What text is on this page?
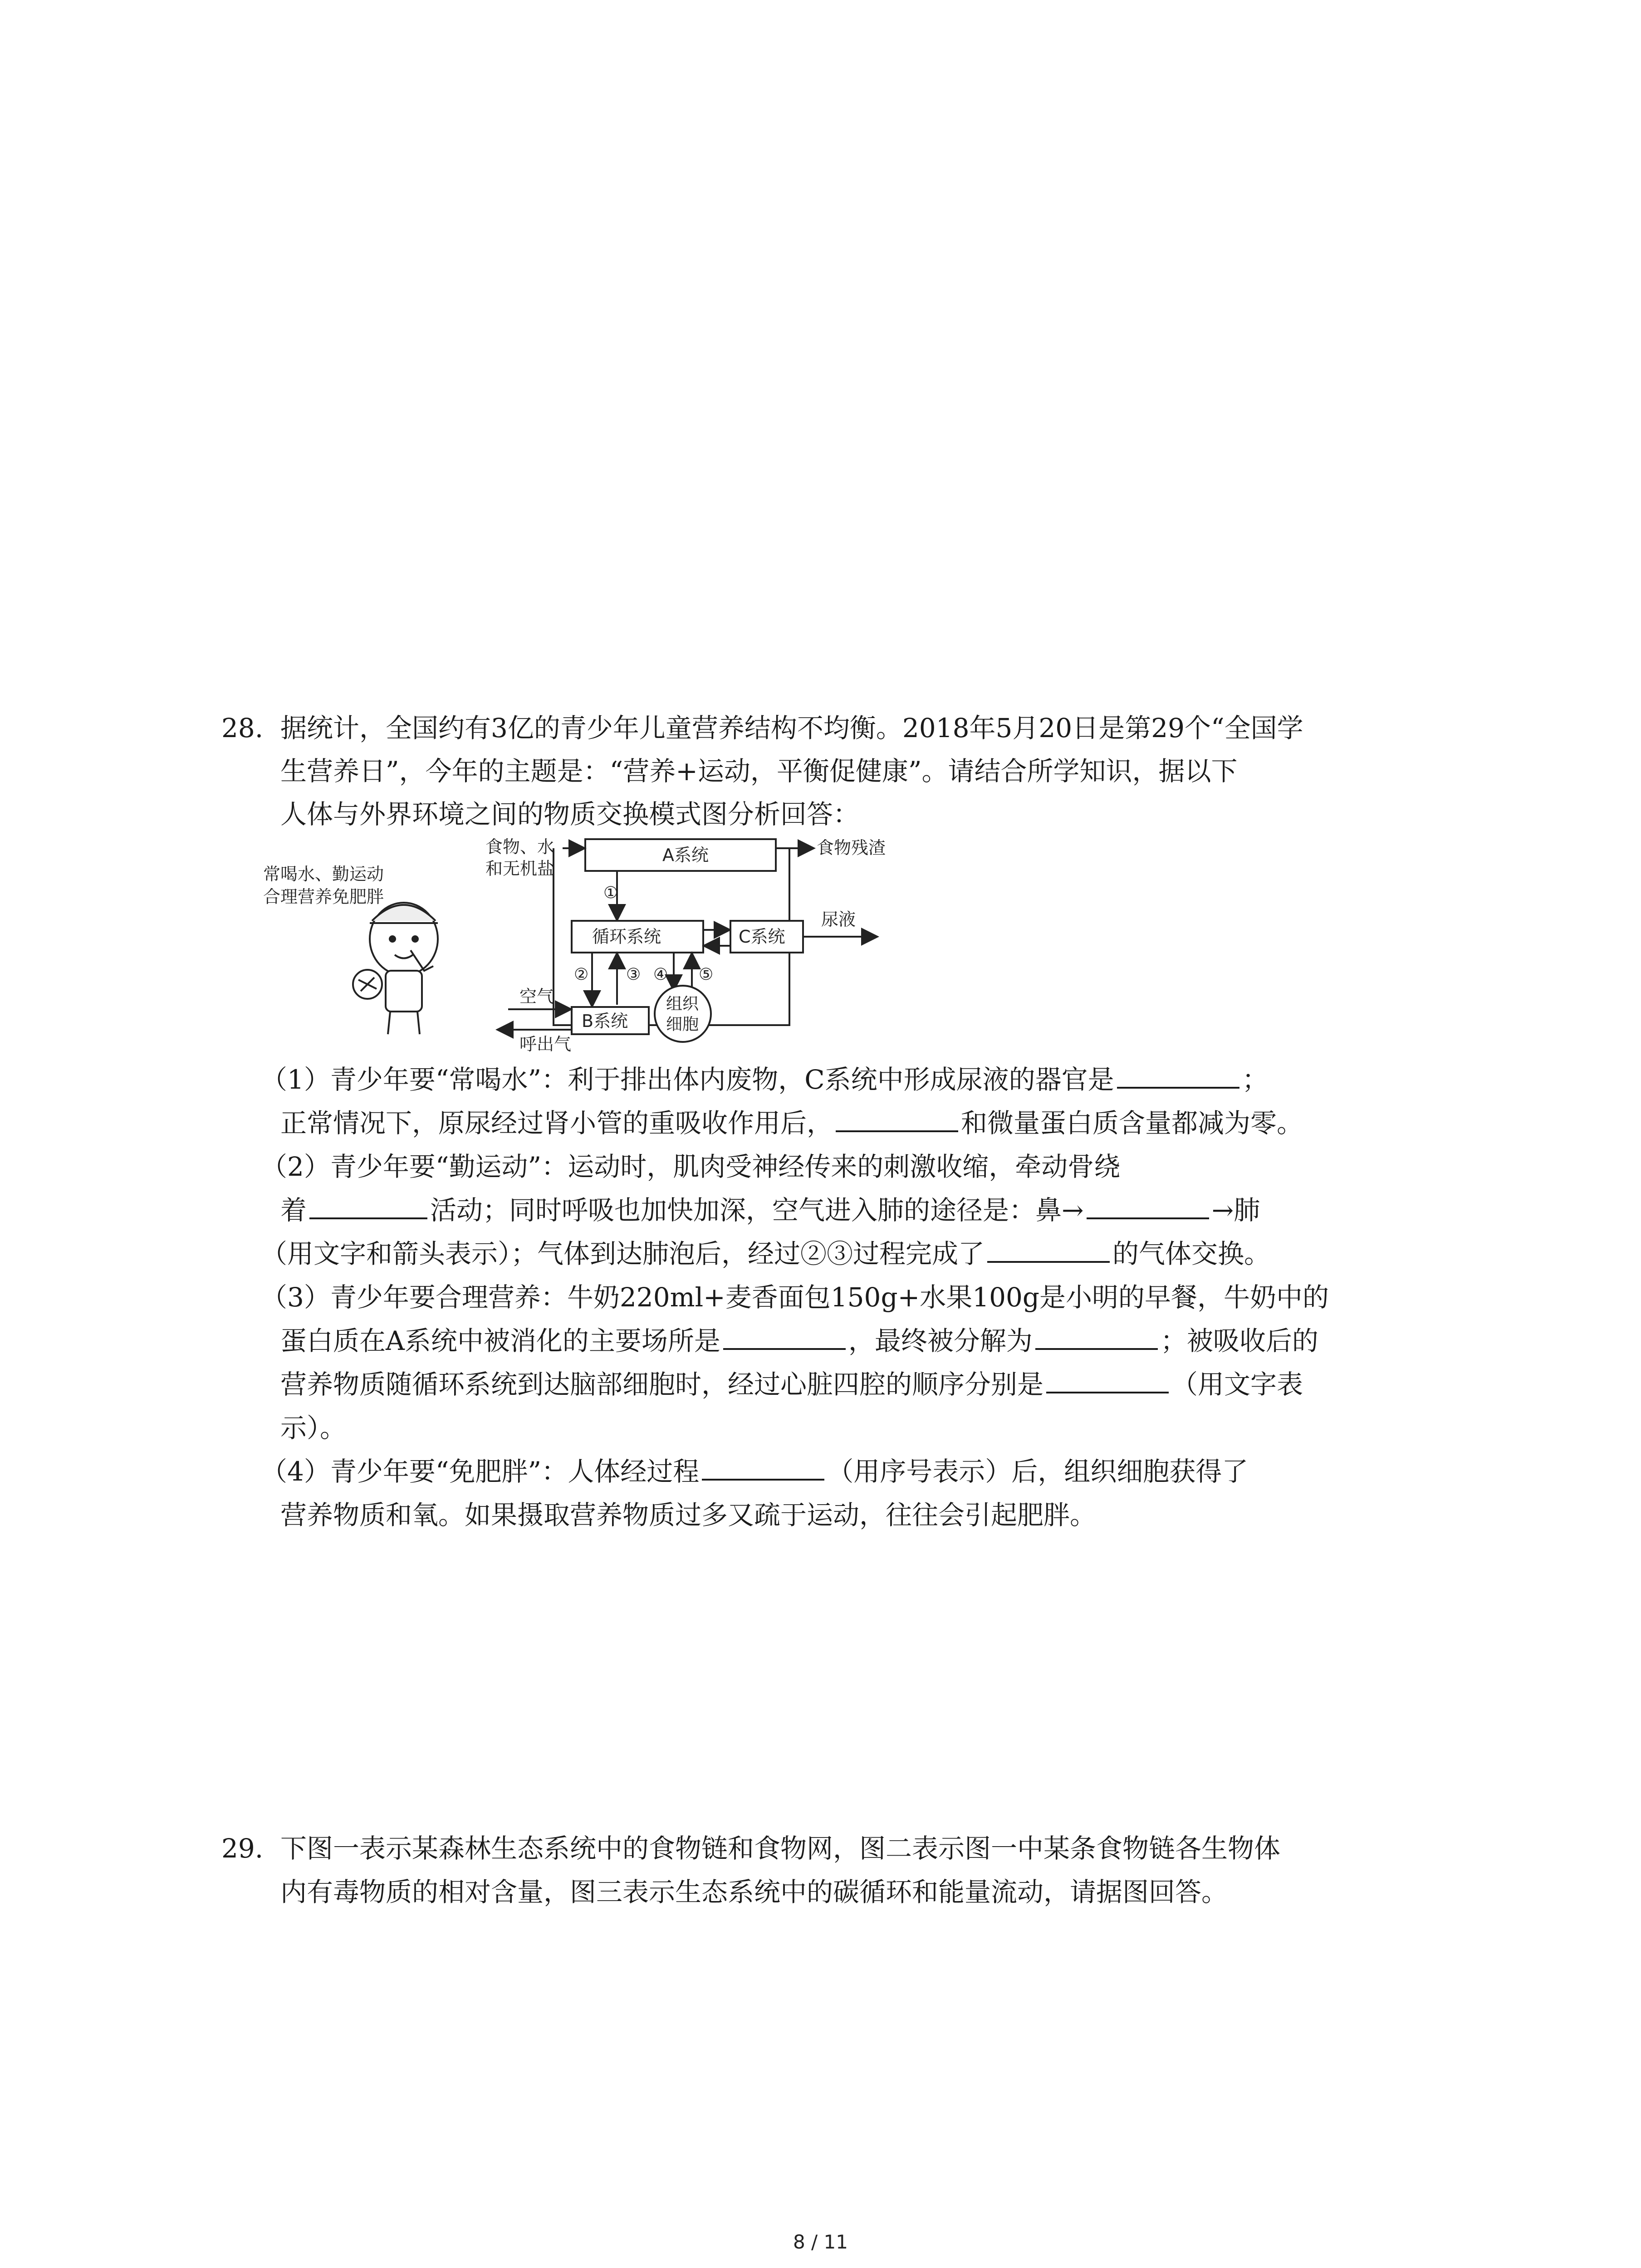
28. 据统计，全国约有3亿的青少年儿童营养结构不均衡。2018年5月20日是第29个“全国学
生营养日”，今年的主题是：“营养+运动，平衡促健康”。请结合所学知识，据以下
人体与外界环境之间的物质交换模式图分析回答：
常喝水、勤运动
合理营养免肥胖
食物、水
和无机盐
A系统	食物残渣
①
循环系统	C系统
尿液
② ③ ④ ⑤
B系统
组织
细胞
空气
呼出气
（1）青少年要“常喝水”：利于排出体内废物，C系统中形成尿液的器官是	；
正常情况下，原尿经过肾小管的重吸收作用后，	和微量蛋白质含量都减为零。
（2）青少年要“勤运动”：运动时，肌肉受神经传来的刺激收缩，牵动骨绕
着	活动；同时呼吸也加快加深，空气进入肺的途径是：鼻→	→肺
（用文字和箭头表示）；气体到达肺泡后，经过②③过程完成了	的气体交换。
（3）青少年要合理营养：牛奶220ml+麦香面包150g+水果100g是小明的早餐，牛奶中的
蛋白质在A系统中被消化的主要场所是	，最终被分解为	；被吸收后的
营养物质随循环系统到达脑部细胞时，经过心脏四腔的顺序分别是	（用文字表
示）。
（4）青少年要“免肥胖”：人体经过程	（用序号表示）后，组织细胞获得了
营养物质和氧。如果摄取营养物质过多又疏于运动，往往会引起肥胖。
29. 下图一表示某森林生态系统中的食物链和食物网，图二表示图一中某条食物链各生物体
内有毒物质的相对含量，图三表示生态系统中的碳循环和能量流动，请据图回答。
8 / 11
